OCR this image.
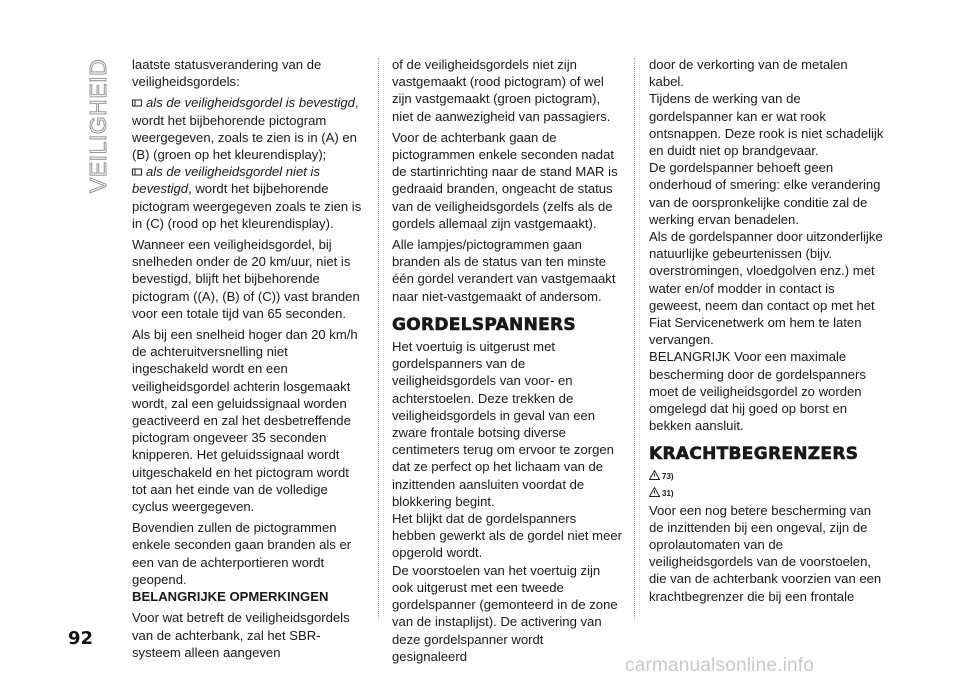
VEILIGHEID laatste statusverandering van de veiligheidsgordels:

als de veiligheidsgordel is bevestigd, wordt het bijbehorende pictogram weergegeven, zoals te zien is in (A) en (B) (groen op het kleurendisplay);

als de veiligheidsgordel niet is bevestigd, wordt het bijbehorende pictogram weergegeven zoals te zien is in (C) (rood op het kleurendisplay).

Wanneer een veiligheidsgordel, bij snelheden onder de 20 km/uur, niet is bevestigd, blijft het bijbehorende pictogram ((A), (B) of (C)) vast branden voor een totale tijd van 65 seconden.

Als bij een snelheid hoger dan 20 km/h de achteruitversnelling niet ingeschakeld wordt en een veiligheidsgordel achterin losgemaakt wordt, zal een geluidssignaal worden geactiveerd en zal het desbetreffende pictogram ongeveer 35 seconden knipperen. Het geluidssignaal wordt uitgeschakeld en het pictogram wordt tot aan het einde van de volledige cyclus weergegeven.

Bovendien zullen de pictogrammen enkele seconden gaan branden als er een van de achterportieren wordt geopend.

BELANGRIJKE OPMERKINGEN

Voor wat betreft de veiligheidsgordels van de achterbank, zal het SBR-systeem alleen aangeven

of de veiligheidsgordels niet zijn vastgemaakt (rood pictogram) of wel zijn vastgemaakt (groen pictogram), niet de aanwezigheid van passagiers.

Voor de achterbank gaan de pictogrammen enkele seconden nadat de startinrichting naar de stand MAR is gedraaid branden, ongeacht de status van de veiligheidsgordels (zelfs als de gordels allemaal zijn vastgemaakt).

Alle lampjes/pictogrammen gaan branden als de status van ten minste één gordel verandert van vastgemaakt naar niet-vastgemaakt of andersom.

GORDELSPANNERS

Het voertuig is uitgerust met gordelspanners van de veiligheidsgordels van voor- en achterstoelen. Deze trekken de veiligheidsgordels in geval van een zware frontale botsing diverse centimeters terug om ervoor te zorgen dat ze perfect op het lichaam van de inzittenden aansluiten voordat de blokkering begint.

Het blijkt dat de gordelspanners hebben gewerkt als de gordel niet meer opgerold wordt.

De voorstoelen van het voertuig zijn ook uitgerust met een tweede gordelspanner (gemonteerd in de zone van de instaplijst). De activering van deze gordelspanner wordt gesignaleerd

door de verkorting van de metalen kabel.

Tijdens de werking van de gordelspanner kan er wat rook ontsnappen. Deze rook is niet schadelijk en duidt niet op brandgevaar.

De gordelspanner behoeft geen onderhoud of smering: elke verandering van de oorspronkelijke conditie zal de werking ervan benadelen.

Als de gordelspanner door uitzonderlijke natuurlijke gebeurtenissen (bijv. overstromingen, vloedgolven enz.) met water en/of modder in contact is geweest, neem dan contact op met het Fiat Servicenetwerk om hem te laten vervangen.

BELANGRIJK Voor een maximale bescherming door de gordelspanners moet de veiligheidsgordel zo worden omgelegd dat hij goed op borst en bekken aansluit.

KRACHTBEGRENZERS
73)
31)

Voor een nog betere bescherming van de inzittenden bij een ongeval, zijn de oprolautomaten van de veiligheidsgordels van de voorstoelen, die van de achterbank voorzien van een krachtbegrenzer die bij een frontale

92
carmanualsonline.info
